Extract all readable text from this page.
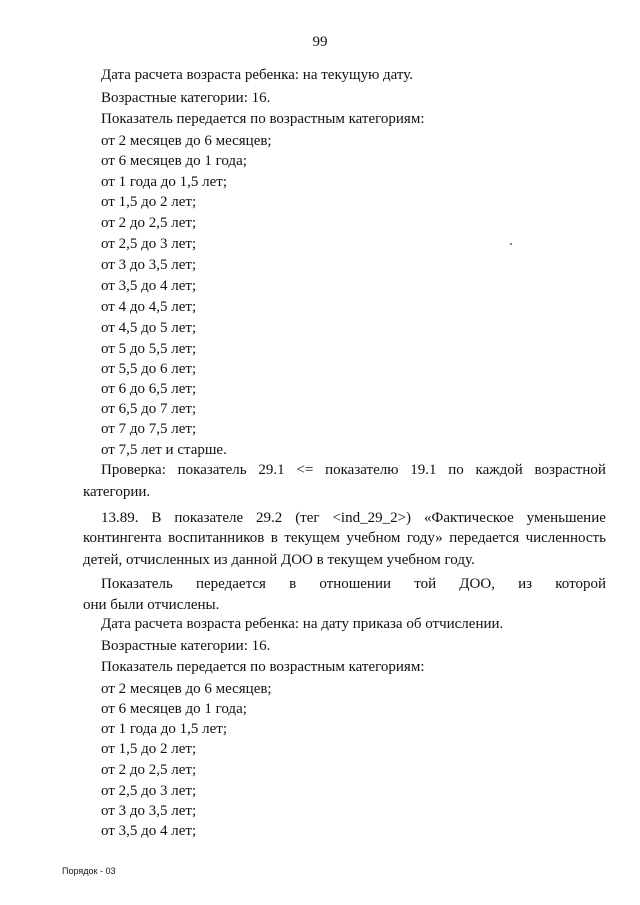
99
Дата расчета возраста ребенка: на текущую дату.
Возрастные категории: 16.
Показатель передается по возрастным категориям:
от 2 месяцев до 6 месяцев;
от 6 месяцев до 1 года;
от 1 года до 1,5 лет;
от 1,5 до 2 лет;
от 2 до 2,5 лет;
от 2,5 до 3 лет;
от 3 до 3,5 лет;
от 3,5 до 4 лет;
от 4 до 4,5 лет;
от 4,5 до 5 лет;
от 5 до 5,5 лет;
от 5,5 до 6 лет;
от 6 до 6,5 лет;
от 6,5 до 7 лет;
от 7 до 7,5 лет;
от 7,5 лет и старше.
Проверка: показатель 29.1 <= показателю 19.1 по каждой возрастной
категории.
13.89. В показателе 29.2 (тег <ind_29_2>) «Фактическое уменьшение
контингента воспитанников в текущем учебном году» передается численность
детей, отчисленных из данной ДОО в текущем учебном году.
Показатель передается в отношении той ДОО, из которой
они были отчислены.
Дата расчета возраста ребенка: на дату приказа об отчислении.
Возрастные категории: 16.
Показатель передается по возрастным категориям:
от 2 месяцев до 6 месяцев;
от 6 месяцев до 1 года;
от 1 года до 1,5 лет;
от 1,5 до 2 лет;
от 2 до 2,5 лет;
от 2,5 до 3 лет;
от 3 до 3,5 лет;
от 3,5 до 4 лет;
Порядок - 03
